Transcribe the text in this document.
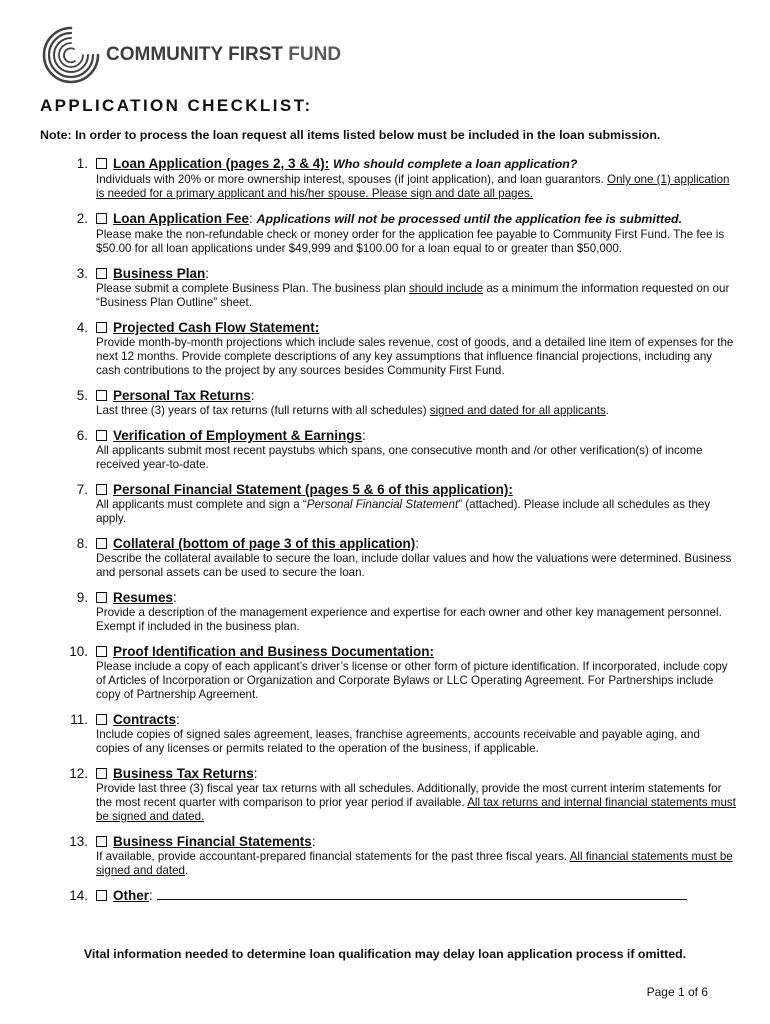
COMMUNITY FIRST FUND
APPLICATION CHECKLIST:
Note: In order to process the loan request all items listed below must be included in the loan submission.
1.	Loan Application (pages 2, 3 & 4): Who should complete a loan application?
Individuals with 20% or more ownership interest, spouses (if joint application), and loan guarantors. Only one (1) application is needed for a primary applicant and his/her spouse. Please sign and date all pages.
2.	Loan Application Fee: Applications will not be processed until the application fee is submitted.
Please make the non-refundable check or money order for the application fee payable to Community First Fund. The fee is $50.00 for all loan applications under $49,999 and $100.00 for a loan equal to or greater than $50,000.
3.	Business Plan:
Please submit a complete Business Plan. The business plan should include as a minimum the information requested on our “Business Plan Outline” sheet.
4.	Projected Cash Flow Statement:
Provide month-by-month projections which include sales revenue, cost of goods, and a detailed line item of expenses for the next 12 months. Provide complete descriptions of any key assumptions that influence financial projections, including any cash contributions to the project by any sources besides Community First Fund.
5.	Personal Tax Returns:
Last three (3) years of tax returns (full returns with all schedules) signed and dated for all applicants.
6.	Verification of Employment & Earnings:
All applicants submit most recent paystubs which spans, one consecutive month and /or other verification(s) of income received year-to-date.
7.	Personal Financial Statement (pages 5 & 6 of this application):
All applicants must complete and sign a “Personal Financial Statement” (attached). Please include all schedules as they apply.
8.	Collateral (bottom of page 3 of this application):
Describe the collateral available to secure the loan, include dollar values and how the valuations were determined. Business and personal assets can be used to secure the loan.
9.	Resumes:
Provide a description of the management experience and expertise for each owner and other key management personnel. Exempt if included in the business plan.
10.	Proof Identification and Business Documentation:
Please include a copy of each applicant’s driver’s license or other form of picture identification. If incorporated, include copy of Articles of Incorporation or Organization and Corporate Bylaws or LLC Operating Agreement. For Partnerships include copy of Partnership Agreement.
11.	Contracts:
Include copies of signed sales agreement, leases, franchise agreements, accounts receivable and payable aging, and copies of any licenses or permits related to the operation of the business, if applicable.
12.	Business Tax Returns:
Provide last three (3) fiscal year tax returns with all schedules. Additionally, provide the most current interim statements for the most recent quarter with comparison to prior year period if available. All tax returns and internal financial statements must be signed and dated.
13.	Business Financial Statements:
If available, provide accountant-prepared financial statements for the past three fiscal years. All financial statements must be signed and dated.
14.	Other:
Vital information needed to determine loan qualification may delay loan application process if omitted.
Page 1 of 6
